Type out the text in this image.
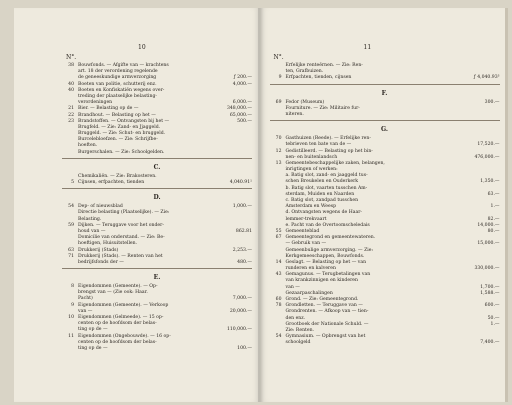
10
N°.
38 Bouwfonds. — Afgifte van — krachtens
art. 18 der verordening regelende
de geneeskundige armverzorging	ƒ 200.—
40 Boeten van politie, schutterij enz.	4,000.—
40 Boeten en Konfiskatiën wegens over-
treding der plaatselijke belasting-
verordeningen	6,000.—
21 Bier. — Belasting op de —	348,000.—
22 Brandhout. — Belasting op het —	65,000.—
23 Brandstoffen. — Ontvangsten bij het —	500.—
Brugfeld. — Zie: Zand- en Jjaggeld.
Bruggeld. — Zie: Schut- en bruggeld.
Burcelebloefzen. — Zie: Schrijfbe-
hoeften.
Burgerschalen. — Zie: Schoolgelden.
C.
Chemikaliën. — Zie: Brakosteren.
5 Cijnsen, erfpachten, tienden	4,040.91¹
D.
54 Dep- of nieuwsblad	1,000.—
Directie belasting (Plaatselijke). — Zie:
Belasting.
59 Dijken. — Teruggave voor het onder-
houd van —	862.81
Domicilie van onderstand. — Zie: Be-
hoeftigen, Huisuitstellen.
63 Drukkerij (Stads)	2,253.—
71 Drukkerij (Stads). — Renten van het
bedrijfsfonds der —	480.—
E.
8 Eigendommen (Gemeente). — Op-
brengst van — (Zie ook: Haar.
Pacht)	7,000.—
9 Eigendommen (Gemeente). — Verkoop
van —	20,000.—
10 Eigendommen (Gelmeede). — 15 op-
centen op de hoofdsom der belas-
ting op de —	110,000.—
11 Eigendommen (Ongebouwde). — 16 op-
centen op de hoofdsom der belas-
ting op de —	100.—
11
N°.
Erfelijke renteërnen. — Zie: Ren-
ten, Grafbuizen.
9 Erfpachten, tienden, cijnsen	ƒ 4,040.93³
F.
69 Fedor (Museum)	300.—
Fourniture. — Zie: Militaire fur-
niteren.
G.
70 Gasthuizen (Reede). — Erfelijke ren-
tebrieven ten bate van de —	17,520.—
12 Gedistilleerd. — Belasting op het bin-
nen- en buitenlandsch	476,000.—
13 Gemeentebeschappelijke zaken, belangen,
inrigtingen of werken:
a. Batig slot, zand- en jaaggeld tus-
schen Breukelen en Ouderkerk	1,350.—
b. Batig slot, vaarten tusschen Am-
sterdam, Muiden en Naarden	63.—
c. Batig slot, zandpad tusschen
Amsterdam en Weesp	1.—
d. Ontvangsten wegens de Haar-
lemmer-trekvaart	82.—
e. Pacht van de Overtoomscheledais	14,000.—
55 Gemeenteblad	80.—
67 Gemeentegrond en gemeentewateren.
— Gebruik van —	15,000.—
Gemeenbulige armverzorging. — Zie:
Kerkgemeeschappen, Bouwfonds.
14 Geslagt. — Belasting op het — van
runderen en kalveren	330,000.—
43 Gemagunus. — Terugbetalingen van
van krankzinnigen en kinderen
van —	1,700.—
Gezaarpaschalingen	1,588.—
60 Grond. — Zie: Gemeentegrond.
78 Grondletten. — Teruggave van —	600.—
Grondrenten. — Afkoop van — tien-
den enz.	50.—
Grootboek der Nationale Schuld. —	1.—
Zie: Renten.
54 Gymnasium. — Opbrengst van het
schoolgeld	7,400.—
